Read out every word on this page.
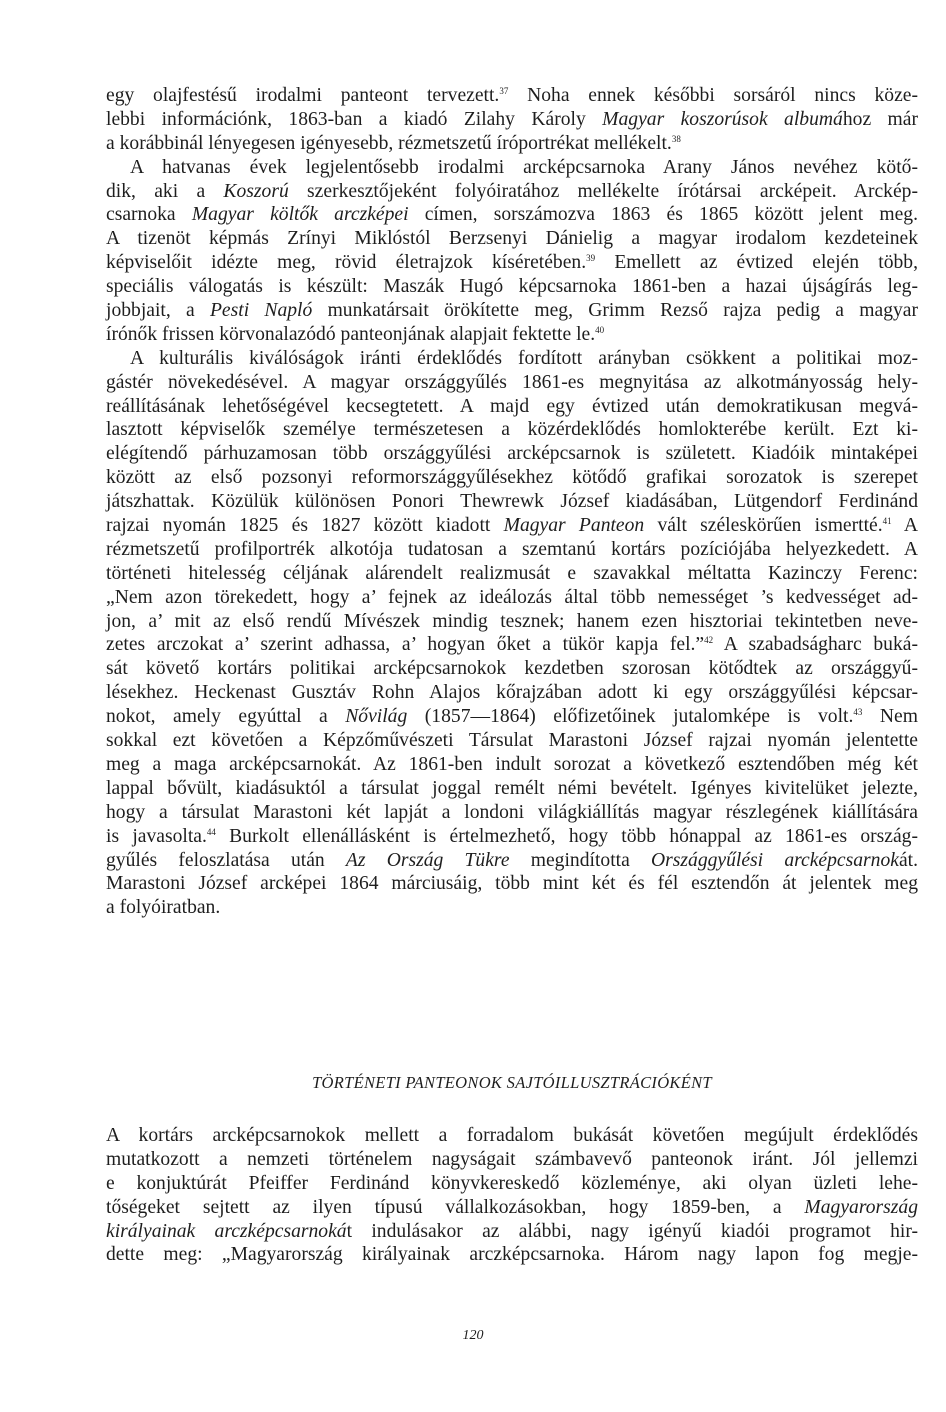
egy olajfestésű irodalmi panteont tervezett.$^{37}$ Noha ennek későbbi sorsáról nincs köze-
lebbi információnk, 1863-ban a kiadó Zilahy Károly Magyar koszorúsok albumához már
a korábbinál lényegesen igényesebb, rézmetszetű íróportrékat mellékelt.$^{38}$
A hatvanas évek legjelentősebb irodalmi arcképcsarnoka Arany János nevéhez kötő-
dik, aki a Koszorú szerkesztőjeként folyóiratához mellékelte írótársai arcképeit. Arckép-
csarnoka Magyar költők arczképei címen, sorszámozva 1863 és 1865 között jelent meg.
A tizenöt képmás Zrínyi Miklóstól Berzsenyi Dánielig a magyar irodalom kezdeteinek
képviselőit idézte meg, rövid életrajzok kíséretében.$^{39}$ Emellett az évtized elején több,
speciális válogatás is készült: Maszák Hugó képcsarnoka 1861-ben a hazai újságírás leg-
jobbjait, a Pesti Napló munkatársait örökítette meg, Grimm Rezső rajza pedig a magyar
írónők frissen körvonalazódó panteonjának alapjait fektette le.$^{40}$
A kulturális kiválóságok iránti érdeklődés fordított arányban csökkent a politikai moz-
gástér növekedésével. A magyar országgyűlés 1861-es megnyitása az alkotmányosság hely-
reállításának lehetőségével kecsegtetett. A majd egy évtized után demokratikusan megvá-
lasztott képviselők személye természetesen a közérdeklődés homlokterébe került. Ezt ki-
elégítendő párhuzamosan több országgyűlési arcképcsarnok is született. Kiadóik mintaképei
között az első pozsonyi reformországgyűlésekhez kötődő grafikai sorozatok is szerepet
játszhattak. Közülük különösen Ponori Thewrewk József kiadásában, Lütgendorf Ferdinánd
rajzai nyomán 1825 és 1827 között kiadott Magyar Panteon vált széleskörűen ismertté.$^{41}$ A
rézmetszetű profilportrék alkotója tudatosan a szemtanú kortárs pozíciójába helyezkedett. A
történeti hitelesség céljának alárendelt realizmusát e szavakkal méltatta Kazinczy Ferenc:
„Nem azon törekedett, hogy a’ fejnek az ideálozás által több nemességet ’s kedvességet ad-
jon, a’ mit az első rendű Mívészek mindig tesznek; hanem ezen hisztoriai tekintetben neve-
zetes arczokat a’ szerint adhassa, a’ hogyan őket a tükör kapja fel.”$^{42}$ A szabadságharc buká-
sát követő kortárs politikai arcképcsarnokok kezdetben szorosan kötődtek az országgyű-
lésekhez. Heckenast Gusztáv Rohn Alajos kőrajzában adott ki egy országgyűlési képcsar-
nokot, amely egyúttal a Nővilág (1857—1864) előfizetőinek jutalomképe is volt.$^{43}$ Nem
sokkal ezt követően a Képzőművészeti Társulat Marastoni József rajzai nyomán jelentette
meg a maga arcképcsarnokát. Az 1861-ben indult sorozat a következő esztendőben még két
lappal bővült, kiadásuktól a társulat joggal remélt némi bevételt. Igényes kivitelüket jelezte,
hogy a társulat Marastoni két lapját a londoni világkiállítás magyar részlegének kiállítására
is javasolta.$^{44}$ Burkolt ellenállásként is értelmezhető, hogy több hónappal az 1861-es ország-
gyűlés feloszlatása után Az Ország Tükre megindította Országgyűlési arcképcsarnokát.
Marastoni József arcképei 1864 márciusáig, több mint két és fél esztendőn át jelentek meg
a folyóiratban.
TÖRTÉNETI PANTEONOK SAJTÓILLUSZTRÁCIÓKÉNT
A kortárs arcképcsarnokok mellett a forradalom bukását követően megújult érdeklődés
mutatkozott a nemzeti történelem nagyságait számbavevő panteonok iránt. Jól jellemzi
e konjuktúrát Pfeiffer Ferdinánd könyvkereskedő közleménye, aki olyan üzleti lehe-
tőségeket sejtett az ilyen típusú vállalkozásokban, hogy 1859-ben, a Magyarország
királyainak arczképcsarnokát indulásakor az alábbi, nagy igényű kiadói programot hir-
dette meg: „Magyarország királyainak arczképcsarnoka. Három nagy lapon fog megje-
120
